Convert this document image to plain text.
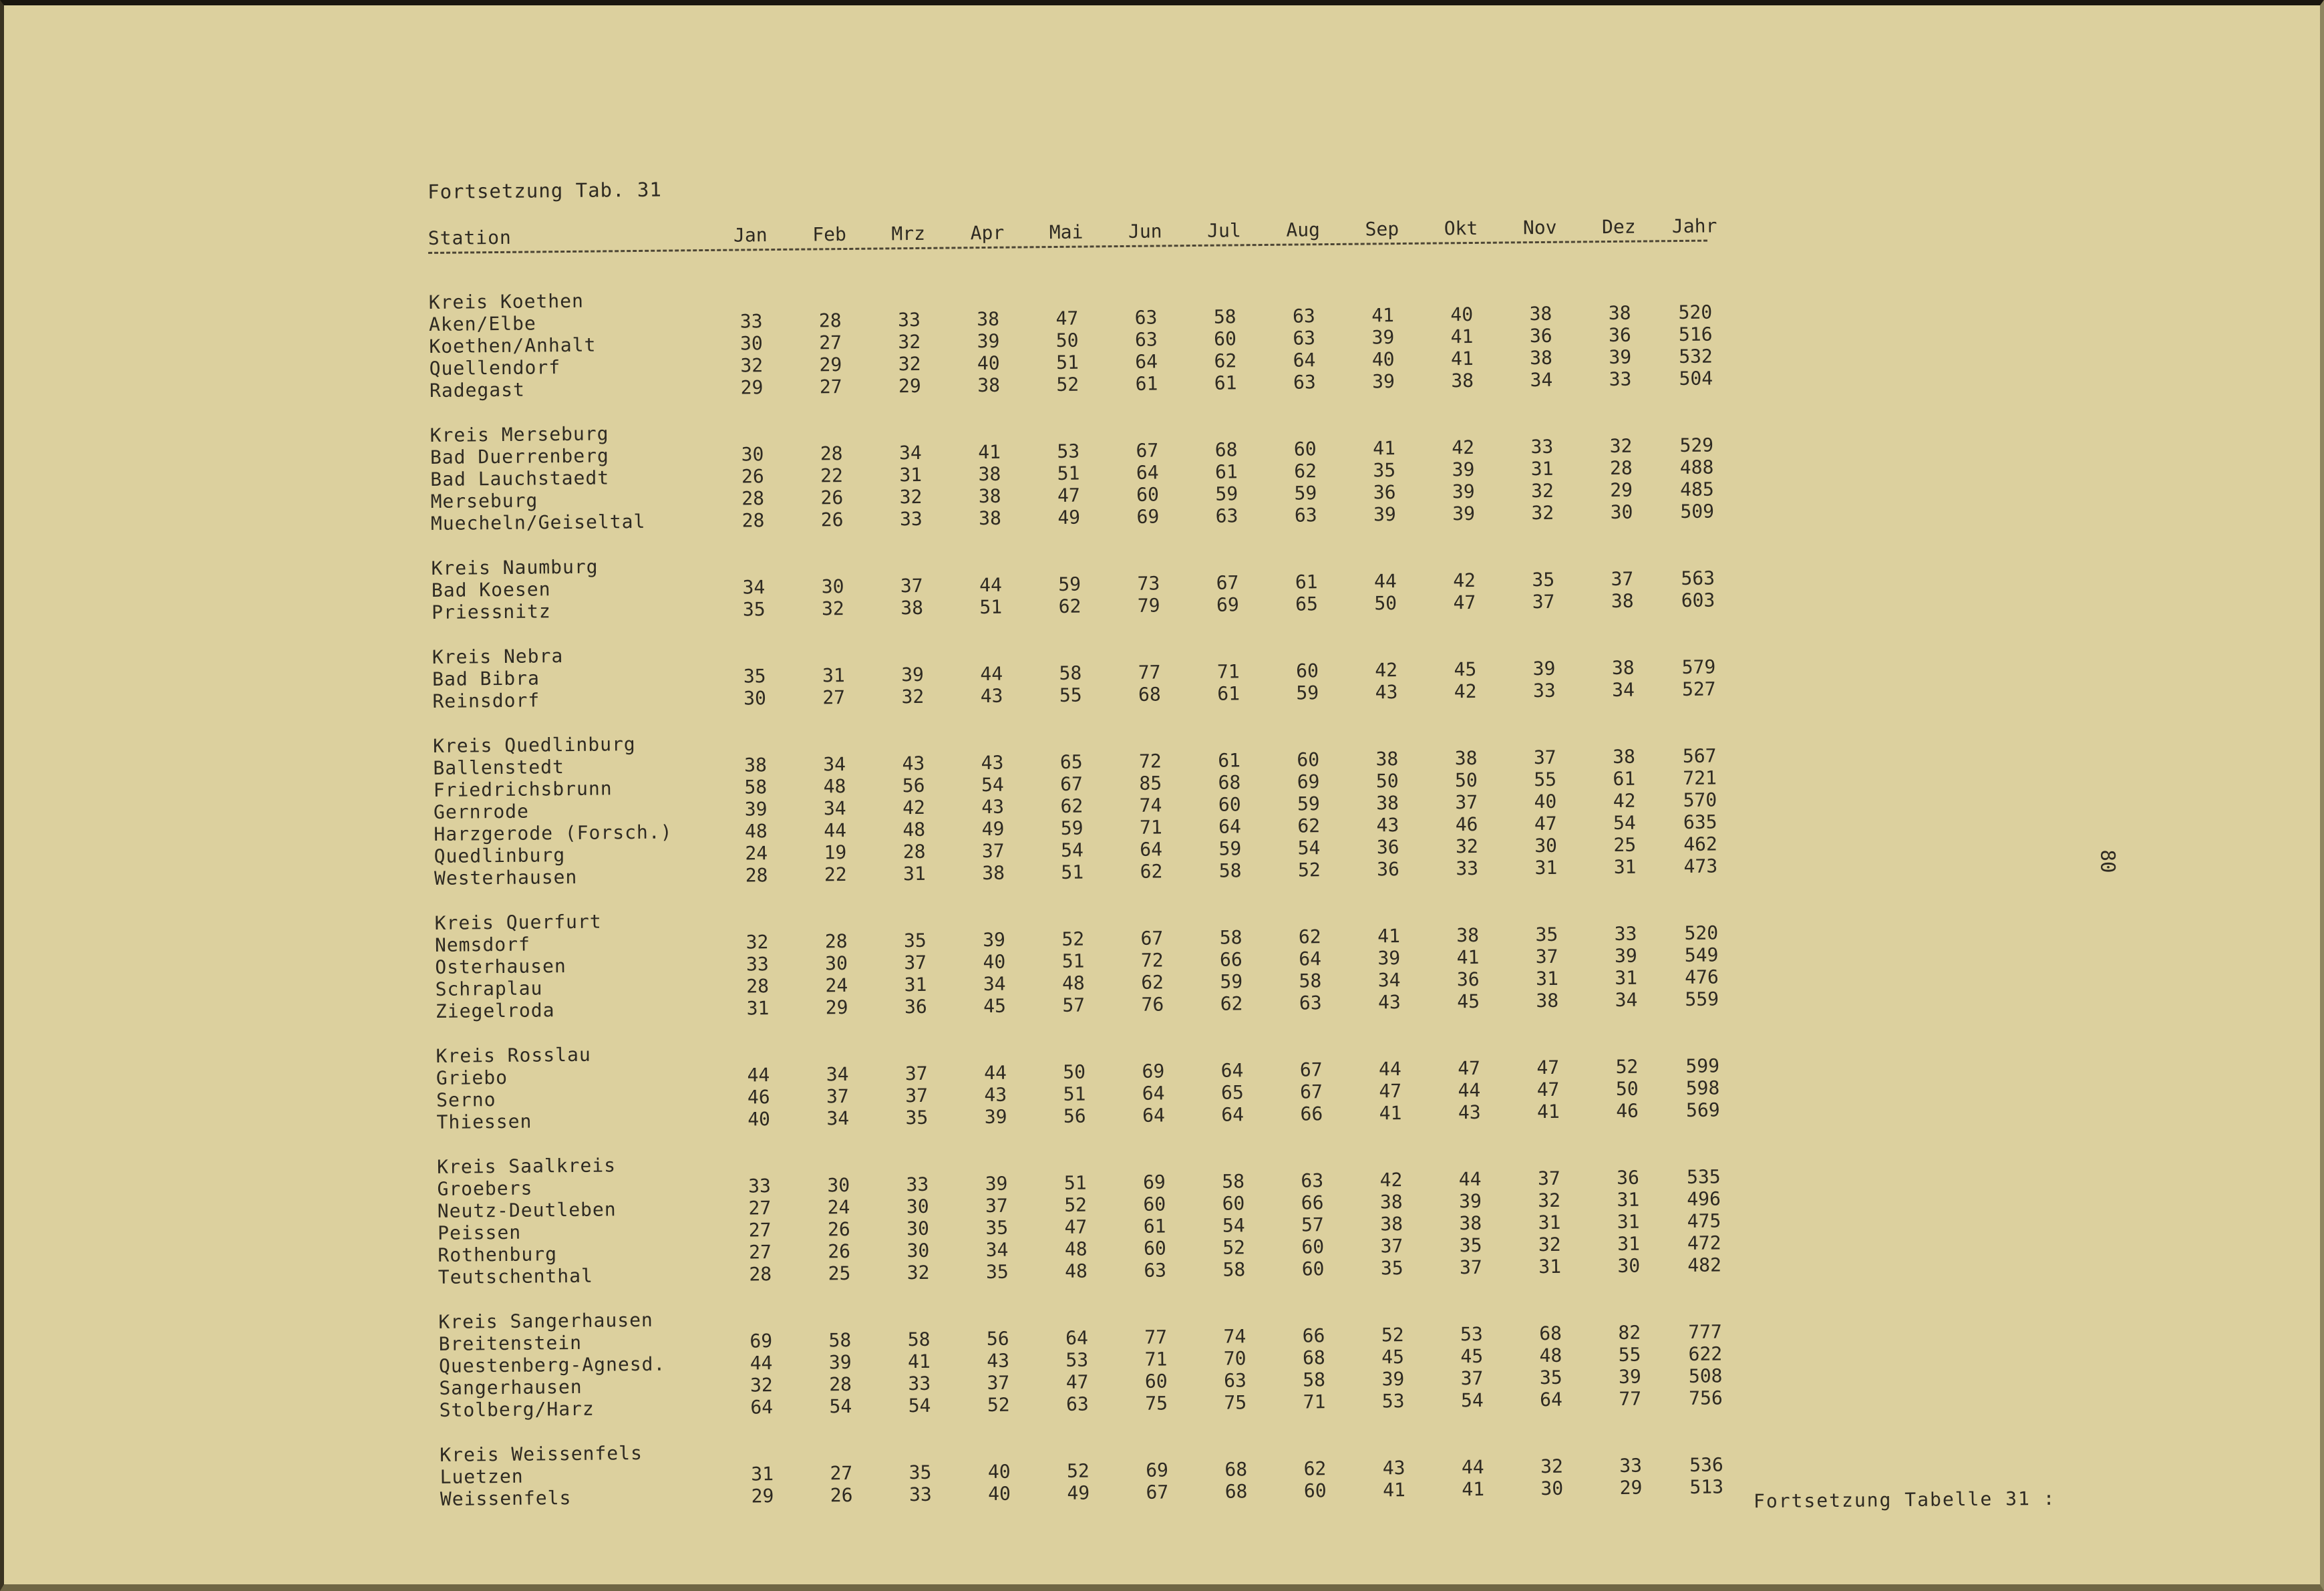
Fortsetzung Tab. 31
Station	Jan	Feb	Mrz	Apr	Mai	Jun	Jul	Aug	Sep	Okt	Nov	Dez	Jahr
Kreis Koethen
Aken/Elbe	33	28	33	38	47	63	58	63	41	40	38	38	520
Koethen/Anhalt	30	27	32	39	50	63	60	63	39	41	36	36	516
Quellendorf	32	29	32	40	51	64	62	64	40	41	38	39	532
Radegast	29	27	29	38	52	61	61	63	39	38	34	33	504
Kreis Merseburg
Bad Duerrenberg	30	28	34	41	53	67	68	60	41	42	33	32	529
Bad Lauchstaedt	26	22	31	38	51	64	61	62	35	39	31	28	488
Merseburg	28	26	32	38	47	60	59	59	36	39	32	29	485
Muecheln/Geiseltal	28	26	33	38	49	69	63	63	39	39	32	30	509
Kreis Naumburg
Bad Koesen	34	30	37	44	59	73	67	61	44	42	35	37	563
Priessnitz	35	32	38	51	62	79	69	65	50	47	37	38	603
Kreis Nebra
Bad Bibra	35	31	39	44	58	77	71	60	42	45	39	38	579
Reinsdorf	30	27	32	43	55	68	61	59	43	42	33	34	527
Kreis Quedlinburg
Ballenstedt	38	34	43	43	65	72	61	60	38	38	37	38	567
Friedrichsbrunn	58	48	56	54	67	85	68	69	50	50	55	61	721
Gernrode	39	34	42	43	62	74	60	59	38	37	40	42	570
Harzgerode (Forsch.)	48	44	48	49	59	71	64	62	43	46	47	54	635
Quedlinburg	24	19	28	37	54	64	59	54	36	32	30	25	462
Westerhausen	28	22	31	38	51	62	58	52	36	33	31	31	473
Kreis Querfurt
Nemsdorf	32	28	35	39	52	67	58	62	41	38	35	33	520
Osterhausen	33	30	37	40	51	72	66	64	39	41	37	39	549
Schraplau	28	24	31	34	48	62	59	58	34	36	31	31	476
Ziegelroda	31	29	36	45	57	76	62	63	43	45	38	34	559
Kreis Rosslau
Griebo	44	34	37	44	50	69	64	67	44	47	47	52	599
Serno	46	37	37	43	51	64	65	67	47	44	47	50	598
Thiessen	40	34	35	39	56	64	64	66	41	43	41	46	569
Kreis Saalkreis
Groebers	33	30	33	39	51	69	58	63	42	44	37	36	535
Neutz-Deutleben	27	24	30	37	52	60	60	66	38	39	32	31	496
Peissen	27	26	30	35	47	61	54	57	38	38	31	31	475
Rothenburg	27	26	30	34	48	60	52	60	37	35	32	31	472
Teutschenthal	28	25	32	35	48	63	58	60	35	37	31	30	482
Kreis Sangerhausen
Breitenstein	69	58	58	56	64	77	74	66	52	53	68	82	777
Questenberg-Agnesd.	44	39	41	43	53	71	70	68	45	45	48	55	622
Sangerhausen	32	28	33	37	47	60	63	58	39	37	35	39	508
Stolberg/Harz	64	54	54	52	63	75	75	71	53	54	64	77	756
Kreis Weissenfels
Luetzen	31	27	35	40	52	69	68	62	43	44	32	33	536
Weissenfels	29	26	33	40	49	67	68	60	41	41	30	29	513
Fortsetzung Tabelle 31 :
80
